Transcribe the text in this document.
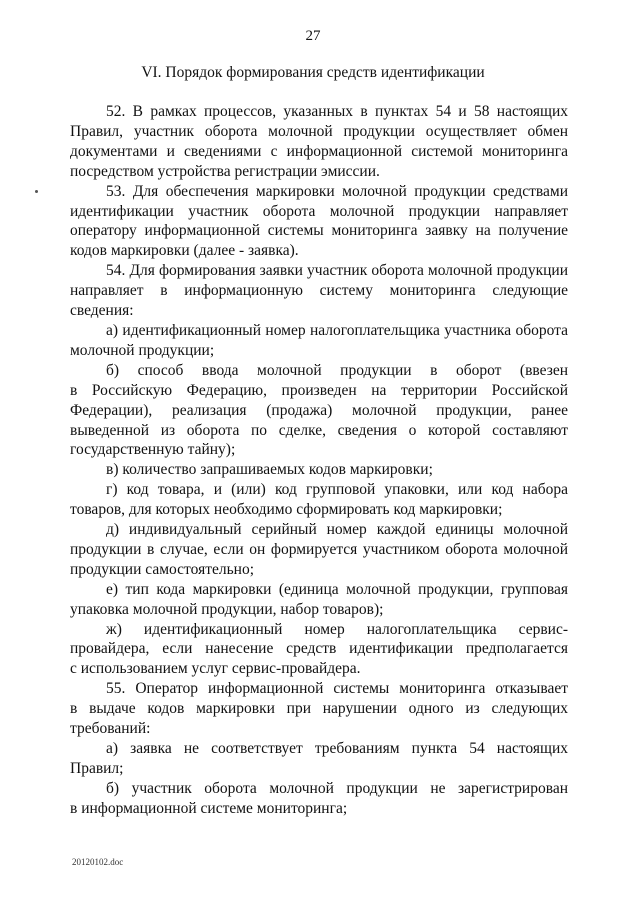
27
VI. Порядок формирования средств идентификации
52. В рамках процессов, указанных в пунктах 54 и 58 настоящих
Правил, участник оборота молочной продукции осуществляет обмен
документами и сведениями с информационной системой мониторинга
посредством устройства регистрации эмиссии.
53. Для обеспечения маркировки молочной продукции средствами
идентификации участник оборота молочной продукции направляет
оператору информационной системы мониторинга заявку на получение
кодов маркировки (далее - заявка).
54. Для формирования заявки участник оборота молочной продукции
направляет в информационную систему мониторинга следующие
сведения:
а) идентификационный номер налогоплательщика участника оборота
молочной продукции;
б) способ ввода молочной продукции в оборот (ввезен
в Российскую Федерацию, произведен на территории Российской
Федерации), реализация (продажа) молочной продукции, ранее
выведенной из оборота по сделке, сведения о которой составляют
государственную тайну);
в) количество запрашиваемых кодов маркировки;
г) код товара, и (или) код групповой упаковки, или код набора
товаров, для которых необходимо сформировать код маркировки;
д) индивидуальный серийный номер каждой единицы молочной
продукции в случае, если он формируется участником оборота молочной
продукции самостоятельно;
е) тип кода маркировки (единица молочной продукции, групповая
упаковка молочной продукции, набор товаров);
ж) идентификационный номер налогоплательщика сервис-
провайдера, если нанесение средств идентификации предполагается
с использованием услуг сервис-провайдера.
55. Оператор информационной системы мониторинга отказывает
в выдаче кодов маркировки при нарушении одного из следующих
требований:
а) заявка не соответствует требованиям пункта 54 настоящих
Правил;
б) участник оборота молочной продукции не зарегистрирован
в информационной системе мониторинга;
20120102.doc
